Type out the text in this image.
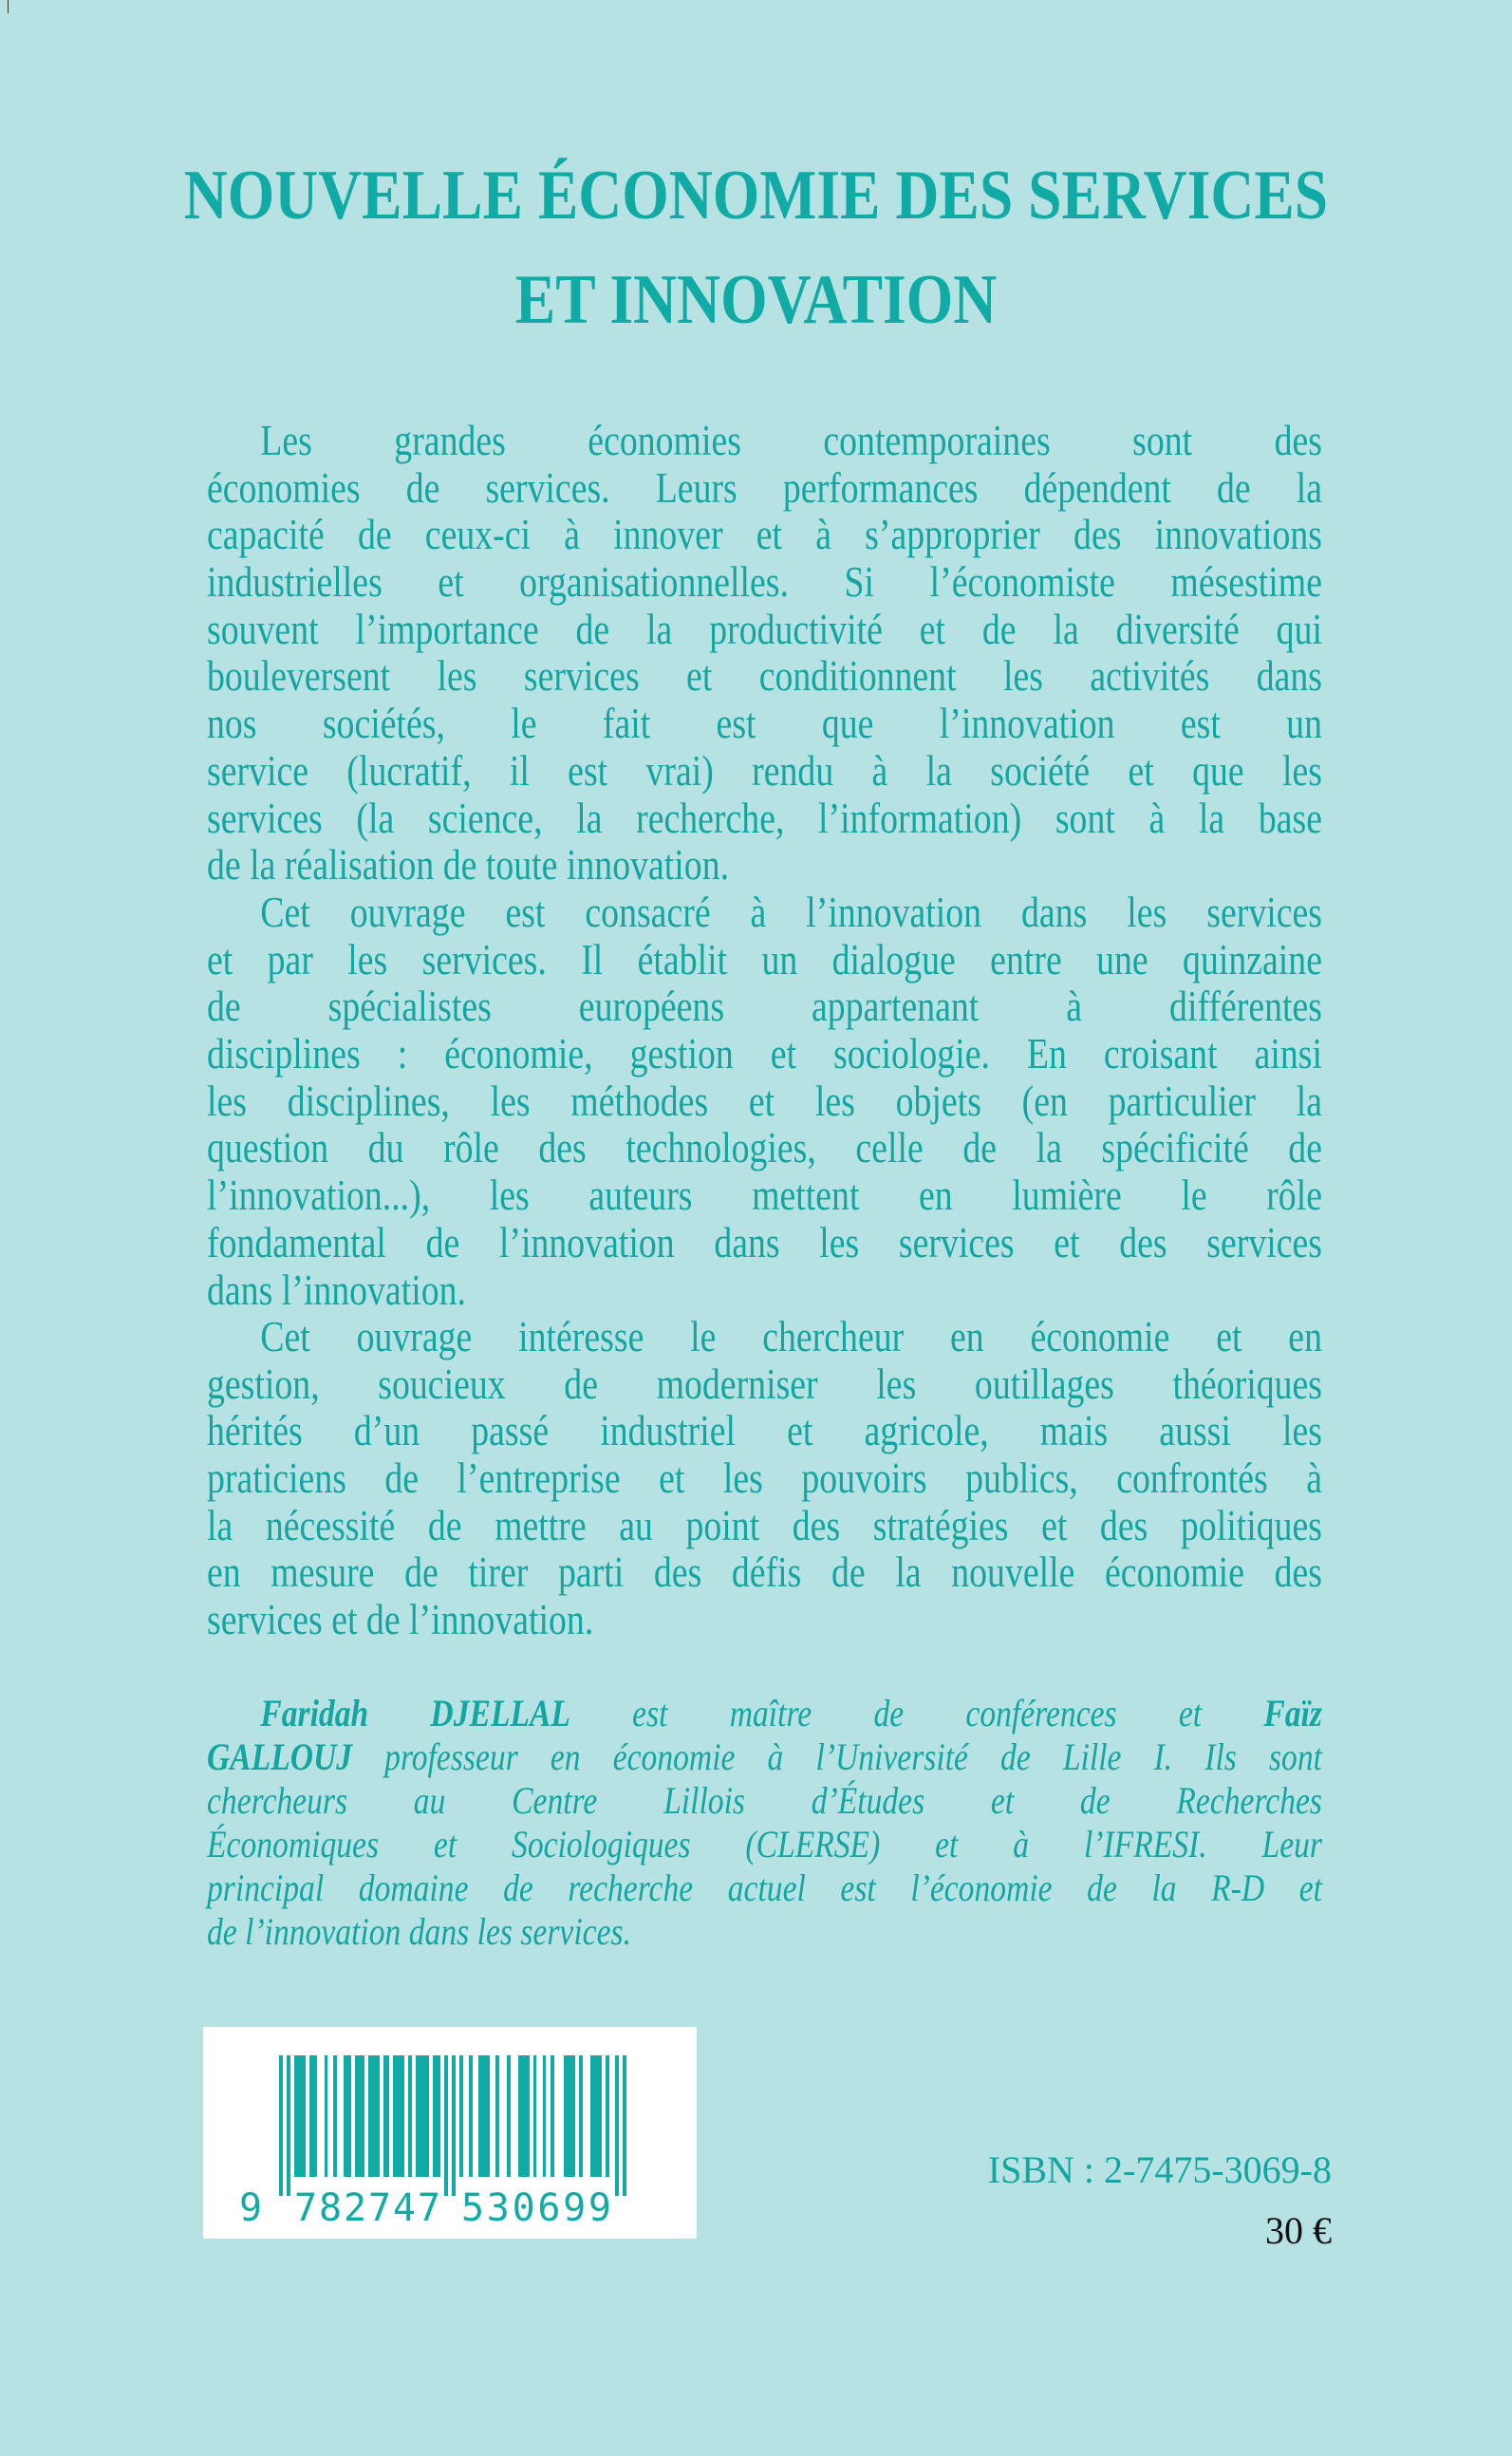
NOUVELLE ÉCONOMIE DES SERVICES
ET INNOVATION
Les grandes économies contemporaines sont des
économies de services. Leurs performances dépendent de la
capacité de ceux-ci à innover et à s’approprier des innovations
industrielles et organisationnelles. Si l’économiste mésestime
souvent l’importance de la productivité et de la diversité qui
bouleversent les services et conditionnent les activités dans
nos sociétés, le fait est que l’innovation est un
service (lucratif, il est vrai) rendu à la société et que les
services (la science, la recherche, l’information) sont à la base
de la réalisation de toute innovation.
Cet ouvrage est consacré à l’innovation dans les services
et par les services. Il établit un dialogue entre une quinzaine
de spécialistes européens appartenant à différentes
disciplines : économie, gestion et sociologie. En croisant ainsi
les disciplines, les méthodes et les objets (en particulier la
question du rôle des technologies, celle de la spécificité de
l’innovation...), les auteurs mettent en lumière le rôle
fondamental de l’innovation dans les services et des services
dans l’innovation.
Cet ouvrage intéresse le chercheur en économie et en
gestion, soucieux de moderniser les outillages théoriques
hérités d’un passé industriel et agricole, mais aussi les
praticiens de l’entreprise et les pouvoirs publics, confrontés à
la nécessité de mettre au point des stratégies et des politiques
en mesure de tirer parti des défis de la nouvelle économie des
services et de l’innovation.
Faridah DJELLAL est maître de conférences et Faïz
GALLOUJ professeur en économie à l’Université de Lille I. Ils sont
chercheurs au Centre Lillois d’Études et de Recherches
Économiques et Sociologiques (CLERSE) et à l’IFRESI. Leur
principal domaine de recherche actuel est l’économie de la R-D et
de l’innovation dans les services.
9 782747 530699
ISBN : 2-7475-3069-8
30 €
